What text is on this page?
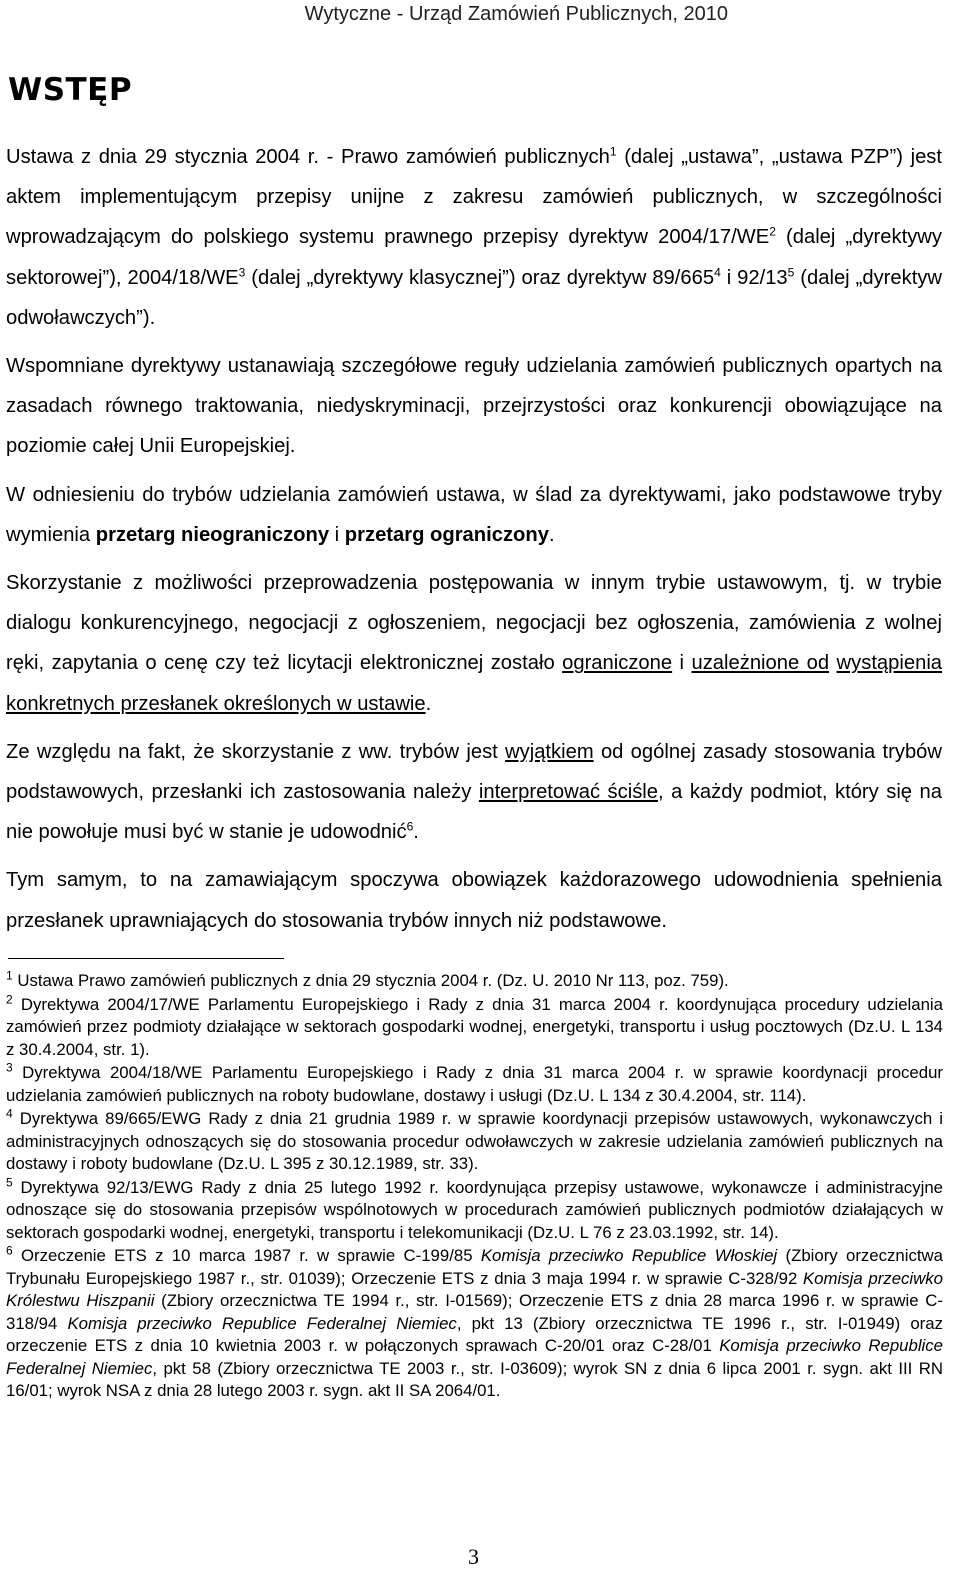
Wytyczne - Urząd Zamówień Publicznych, 2010
WSTĘP

Ustawa z dnia 29 stycznia 2004 r. - Prawo zamówień publicznych$^1$ (dalej „ustawa”, „ustawa PZP”) jest aktem implementującym przepisy unijne z zakresu zamówień publicznych, w szczególności wprowadzającym do polskiego systemu prawnego przepisy dyrektyw $2004/17/WE^2$ (dalej „dyrektywy sektorowej”), $2004/18/WE^3$ (dalej „dyrektywy klasycznej”) oraz dyrektyw $89/665^4$ i $92/13^5$ (dalej „dyrektyw odwoławczych”).

Wspomniane dyrektywy ustanawiają szczegółowe reguły udzielania zamówień publicznych opartych na zasadach równego traktowania, niedyskryminacji, przejrzystości oraz konkurencji obowiązujące na poziomie całej Unii Europejskiej.

W odniesieniu do trybów udzielania zamówień ustawa, w ślad za dyrektywami, jako podstawowe tryby wymienia przetarg nieograniczony i przetarg ograniczony.

Skorzystanie z możliwości przeprowadzenia postępowania w innym trybie ustawowym, tj. w trybie dialogu konkurencyjnego, negocjacji z ogłoszeniem, negocjacji bez ogłoszenia, zamówienia z wolnej ręki, zapytania o cenę czy też licytacji elektronicznej zostało ograniczone i uzależnione od wystąpienia konkretnych przesłanek określonych w ustawie.

Ze względu na fakt, że skorzystanie z ww. trybów jest wyjątkiem od ogólnej zasady stosowania trybów podstawowych, przesłanki ich zastosowania należy interpretować ściśle, a każdy podmiot, który się na nie powołuje musi być w stanie je udowodnić$^6$.

Tym samym, to na zamawiającym spoczywa obowiązek każdorazowego udowodnienia spełnienia przesłanek uprawniających do stosowania trybów innych niż podstawowe.

$^1$ Ustawa Prawo zamówień publicznych z dnia 29 stycznia 2004 r. (Dz. U. 2010 Nr 113, poz. 759).
$^2$ Dyrektywa 2004/17/WE Parlamentu Europejskiego i Rady z dnia 31 marca 2004 r. koordynująca procedury udzielania zamówień przez podmioty działające w sektorach gospodarki wodnej, energetyki, transportu i usług pocztowych (Dz.U. L 134 z 30.4.2004, str. 1).
$^3$ Dyrektywa 2004/18/WE Parlamentu Europejskiego i Rady z dnia 31 marca 2004 r. w sprawie koordynacji procedur udzielania zamówień publicznych na roboty budowlane, dostawy i usługi (Dz.U. L 134 z 30.4.2004, str. 114).
$^4$ Dyrektywa 89/665/EWG Rady z dnia 21 grudnia 1989 r. w sprawie koordynacji przepisów ustawowych, wykonawczych i administracyjnych odnoszących się do stosowania procedur odwoławczych w zakresie udzielania zamówień publicznych na dostawy i roboty budowlane (Dz.U. L 395 z 30.12.1989, str. 33).
$^5$ Dyrektywa 92/13/EWG Rady z dnia 25 lutego 1992 r. koordynująca przepisy ustawowe, wykonawcze i administracyjne odnoszące się do stosowania przepisów wspólnotowych w procedurach zamówień publicznych podmiotów działających w sektorach gospodarki wodnej, energetyki, transportu i telekomunikacji (Dz.U. L 76 z 23.03.1992, str. 14).
$^6$ Orzeczenie ETS z 10 marca 1987 r. w sprawie C-199/85 Komisja przeciwko Republice Włoskiej (Zbiory orzecznictwa Trybunału Europejskiego 1987 r., str. 01039); Orzeczenie ETS z dnia 3 maja 1994 r. w sprawie C-328/92 Komisja przeciwko Królestwu Hiszpanii (Zbiory orzecznictwa TE 1994 r., str. I-01569); Orzeczenie ETS z dnia 28 marca 1996 r. w sprawie C-318/94 Komisja przeciwko Republice Federalnej Niemiec, pkt 13 (Zbiory orzecznictwa TE 1996 r., str. I-01949) oraz orzeczenie ETS z dnia 10 kwietnia 2003 r. w połączonych sprawach C-20/01 oraz C-28/01 Komisja przeciwko Republice Federalnej Niemiec, pkt 58 (Zbiory orzecznictwa TE 2003 r., str. I-03609); wyrok SN z dnia 6 lipca 2001 r. sygn. akt III RN 16/01; wyrok NSA z dnia 28 lutego 2003 r. sygn. akt II SA 2064/01.
3
